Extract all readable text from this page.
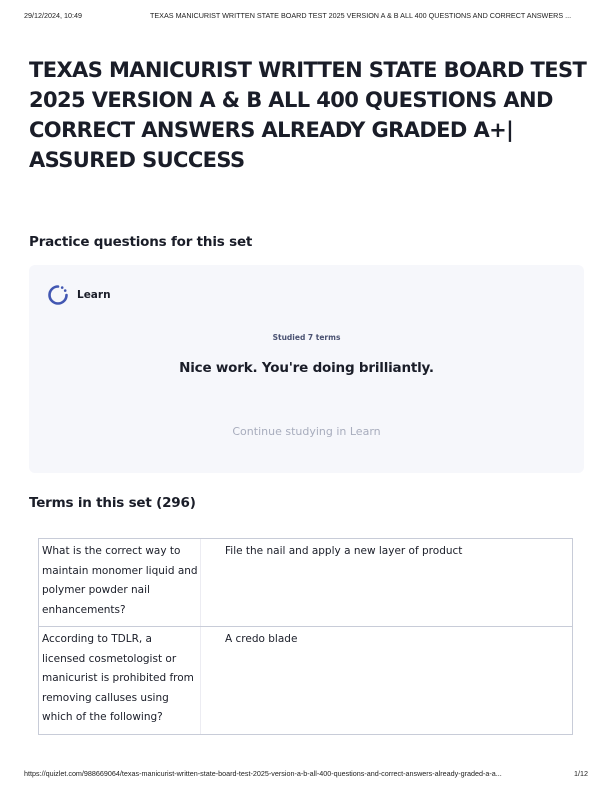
29/12/2024, 10:49	TEXAS MANICURIST WRITTEN STATE BOARD TEST 2025 VERSION A & B ALL 400 QUESTIONS AND CORRECT ANSWERS ...
TEXAS MANICURIST WRITTEN STATE BOARD TEST 2025 VERSION A & B ALL 400 QUESTIONS AND CORRECT ANSWERS ALREADY GRADED A+| ASSURED SUCCESS
Practice questions for this set
Learn
Studied 7 terms
Nice work. You're doing brilliantly.
Continue studying in Learn
Terms in this set (296)
What is the correct way to maintain monomer liquid and polymer powder nail enhancements?
File the nail and apply a new layer of product
According to TDLR, a licensed cosmetologist or manicurist is prohibited from removing calluses using which of the following?
A credo blade
https://quizlet.com/988669064/texas-manicurist-written-state-board-test-2025-version-a-b-all-400-questions-and-correct-answers-already-graded-a-a...	1/12
